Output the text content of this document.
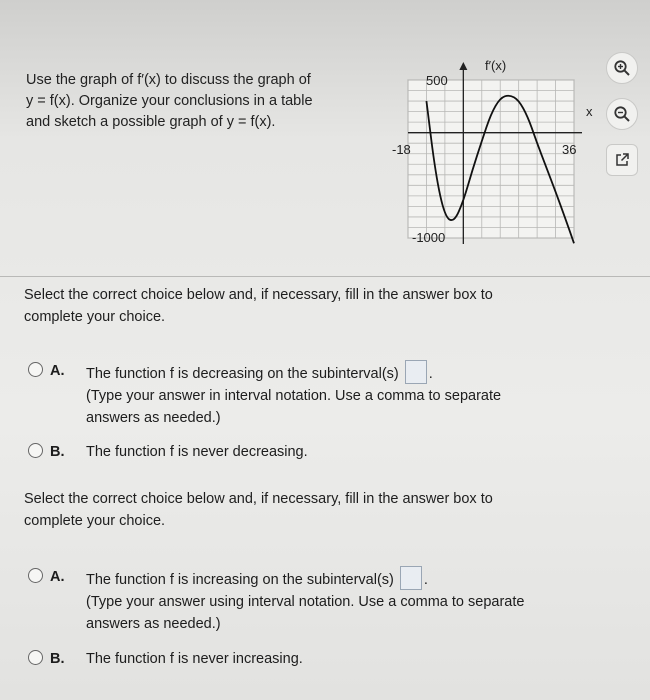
Use the graph of f′(x) to discuss the graph of
y = f(x). Organize your conclusions in a table
and sketch a possible graph of y = f(x).
f′(x)
500
x
-18	36
-1000
Select the correct choice below and, if necessary, fill in the answer box to
complete your choice.
A. The function f is decreasing on the subinterval(s) .
(Type your answer in interval notation. Use a comma to separate
answers as needed.)
B. The function f is never decreasing.
Select the correct choice below and, if necessary, fill in the answer box to
complete your choice.
A. The function f is increasing on the subinterval(s) .
(Type your answer using interval notation. Use a comma to separate
answers as needed.)
B. The function f is never increasing.
